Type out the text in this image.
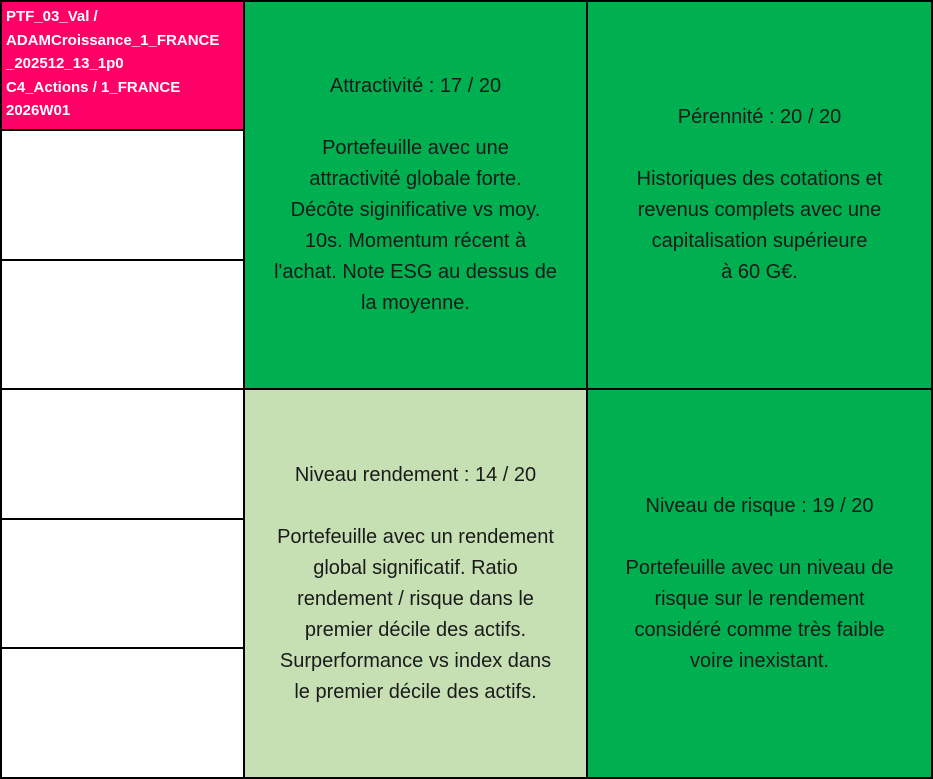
PTF_03_Val /
ADAMCroissance_1_FRANCE
_202512_13_1p0
C4_Actions / 1_FRANCE
2026W01
Attractivité : 17 / 20
Portefeuille avec une
attractivité globale forte.
Décôte siginificative vs moy.
10s. Momentum récent à
l'achat. Note ESG au dessus de
la moyenne.
Pérennité : 20 / 20
Historiques des cotations et
revenus complets avec une
capitalisation supérieure
à 60 G€.
Niveau rendement : 14 / 20
Portefeuille avec un rendement
global significatif. Ratio
rendement / risque dans le
premier décile des actifs.
Surperformance vs index dans
le premier décile des actifs.
Niveau de risque : 19 / 20
Portefeuille avec un niveau de
risque sur le rendement
considéré comme très faible
voire inexistant.
